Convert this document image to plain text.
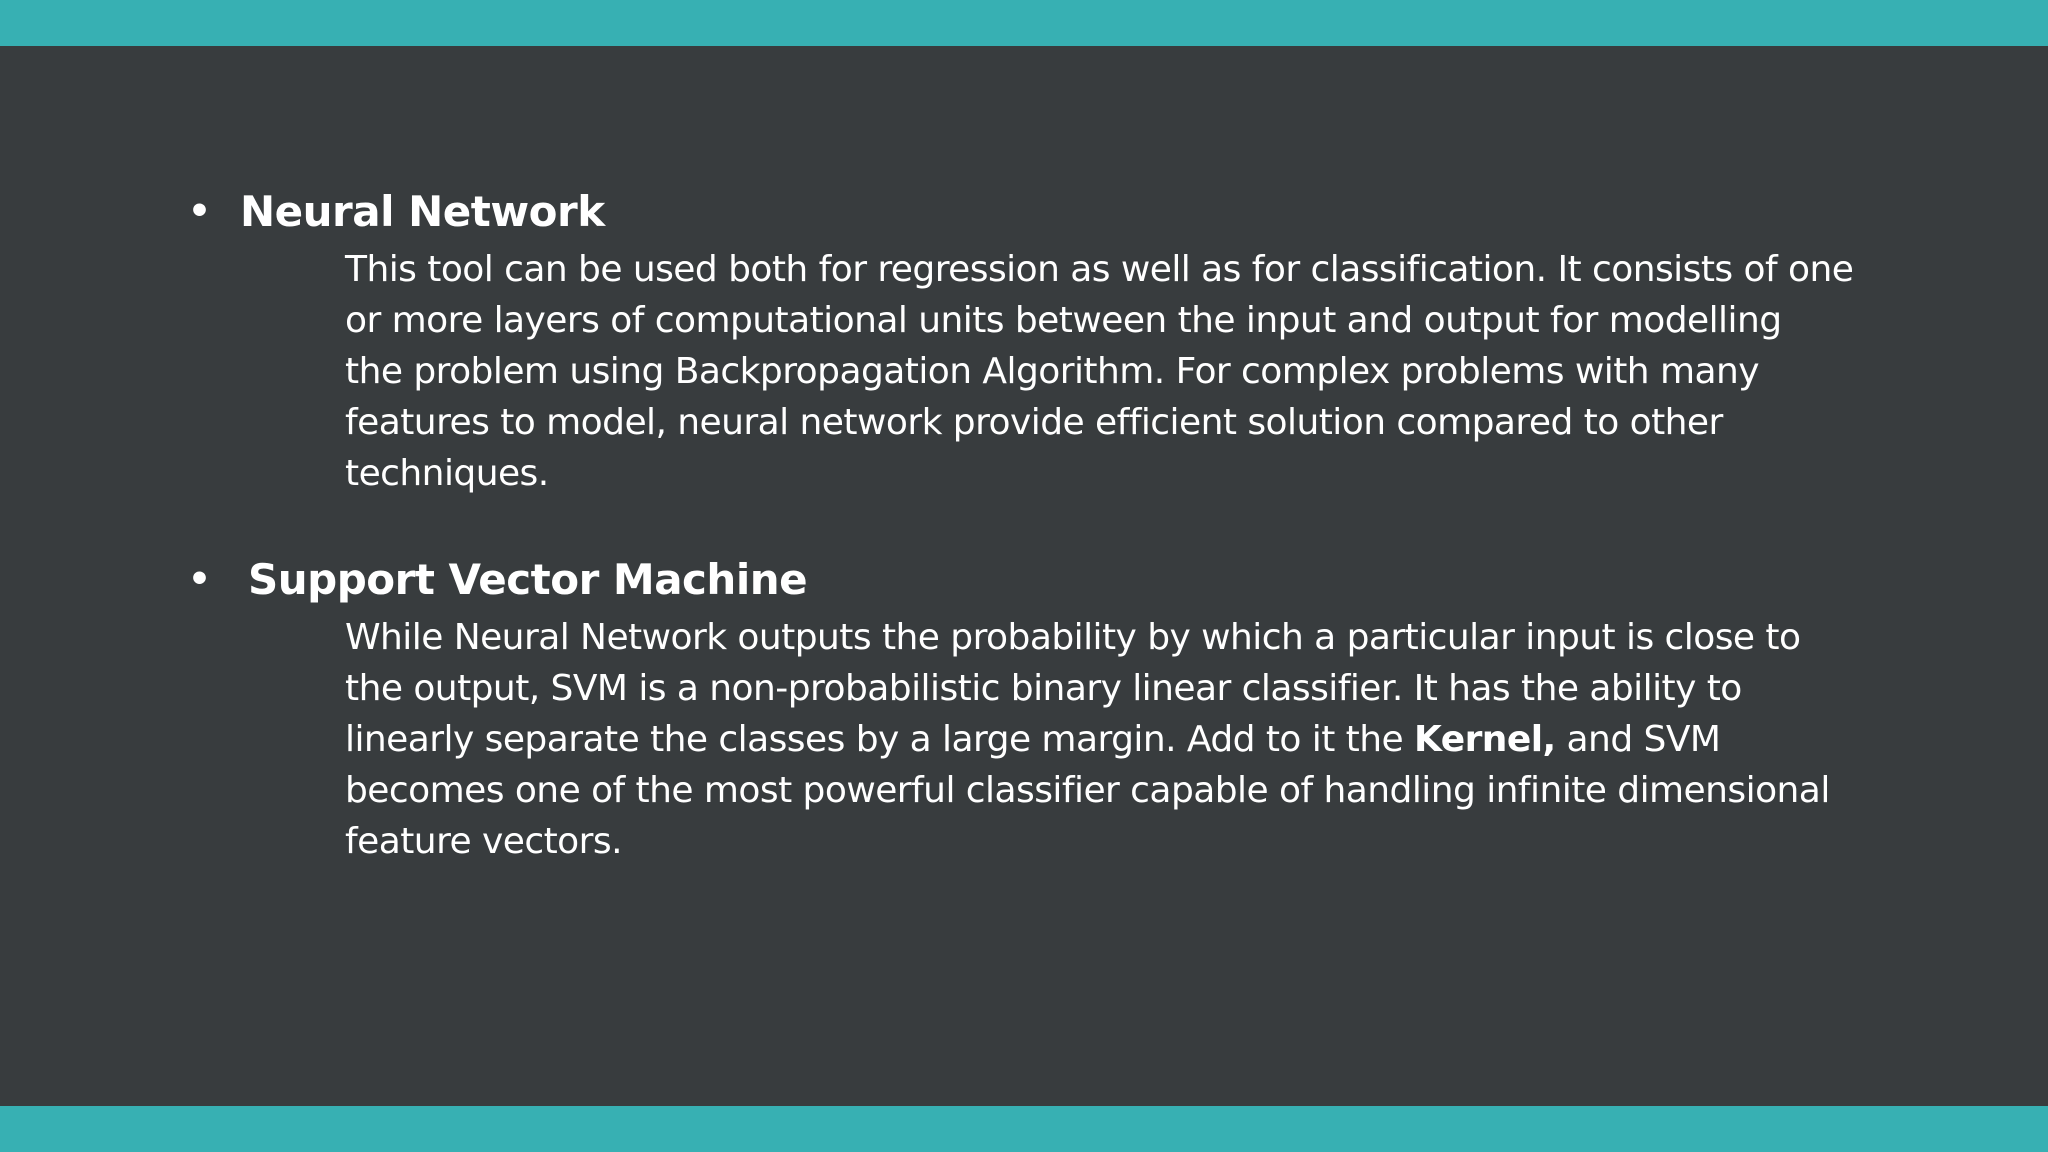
• Neural Network
This tool can be used both for regression as well as for classification. It consists of one
or more layers of computational units between the input and output for modelling
the problem using Backpropagation Algorithm. For complex problems with many
features to model, neural network provide efficient solution compared to other
techniques.
• Support Vector Machine
While Neural Network outputs the probability by which a particular input is close to
the output, SVM is a non-probabilistic binary linear classifier. It has the ability to
linearly separate the classes by a large margin. Add to it the Kernel, and SVM
becomes one of the most powerful classifier capable of handling infinite dimensional
feature vectors.
